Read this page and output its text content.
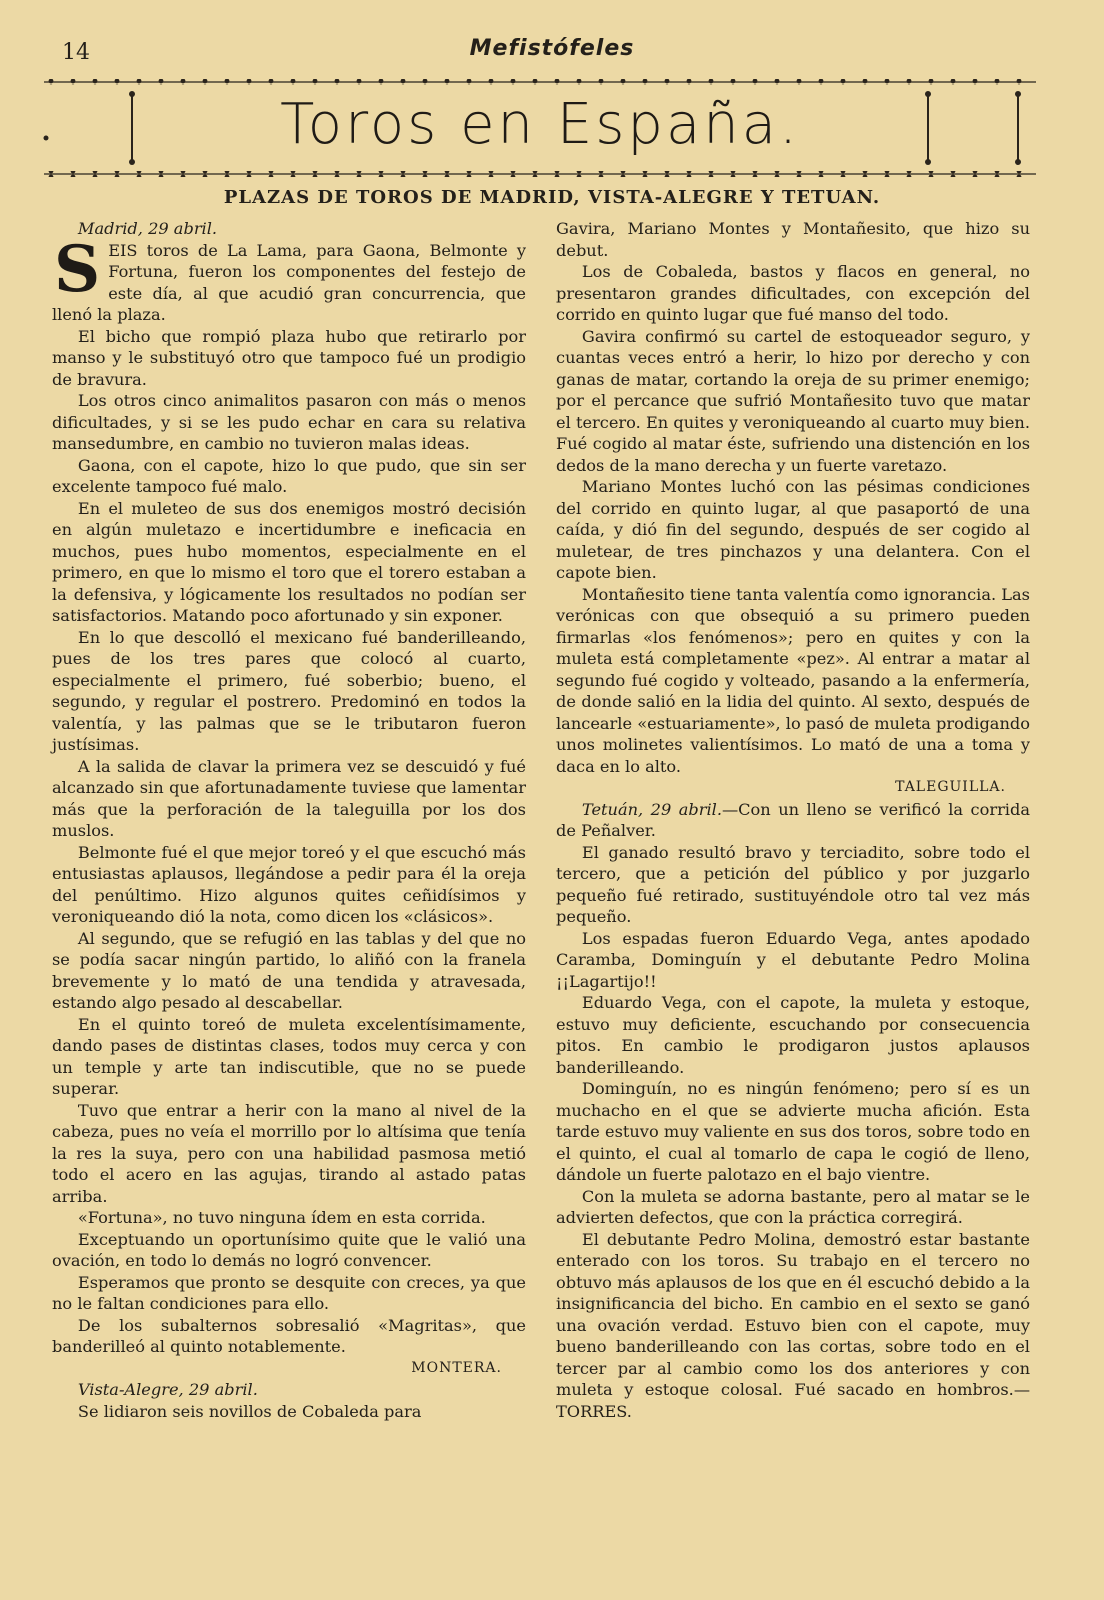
14	Mefistófeles
Toros en España.
PLAZAS DE TOROS DE MADRID, VISTA-ALEGRE Y TETUAN.

Madrid, 29 abril.

SEIS toros de La Lama, para Gaona, Belmonte y Fortuna, fueron los componentes del festejo de este día, al que acudió gran concurrencia, que llenó la plaza.

El bicho que rompió plaza hubo que retirarlo por manso y le substituyó otro que tampoco fué un prodigio de bravura.

Los otros cinco animalitos pasaron con más o menos dificultades, y si se les pudo echar en cara su relativa mansedumbre, en cambio no tuvieron malas ideas.

Gaona, con el capote, hizo lo que pudo, que sin ser excelente tampoco fué malo.

En el muleteo de sus dos enemigos mostró decisión en algún muletazo e incertidumbre e ineficacia en muchos, pues hubo momentos, especialmente en el primero, en que lo mismo el toro que el torero estaban a la defensiva, y lógicamente los resultados no podían ser satisfactorios. Matando poco afortunado y sin exponer.

En lo que descolló el mexicano fué banderilleando, pues de los tres pares que colocó al cuarto, especialmente el primero, fué soberbio; bueno, el segundo, y regular el postrero. Predominó en todos la valentía, y las palmas que se le tributaron fueron justísimas.

A la salida de clavar la primera vez se descuidó y fué alcanzado sin que afortunadamente tuviese que lamentar más que la perforación de la taleguilla por los dos muslos.

Belmonte fué el que mejor toreó y el que escuchó más entusiastas aplausos, llegándose a pedir para él la oreja del penúltimo. Hizo algunos quites ceñidísimos y veroniqueando dió la nota, como dicen los «clásicos».

Al segundo, que se refugió en las tablas y del que no se podía sacar ningún partido, lo aliñó con la franela brevemente y lo mató de una tendida y atravesada, estando algo pesado al descabellar.

En el quinto toreó de muleta excelentísimamente, dando pases de distintas clases, todos muy cerca y con un temple y arte tan indiscutible, que no se puede superar.

Tuvo que entrar a herir con la mano al nivel de la cabeza, pues no veía el morrillo por lo altísima que tenía la res la suya, pero con una habilidad pasmosa metió todo el acero en las agujas, tirando al astado patas arriba.

«Fortuna», no tuvo ninguna ídem en esta corrida.

Exceptuando un oportunísimo quite que le valió una ovación, en todo lo demás no logró convencer.

Esperamos que pronto se desquite con creces, ya que no le faltan condiciones para ello.

De los subalternos sobresalió «Magritas», que banderilleó al quinto notablemente.

MONTERA.

Vista-Alegre, 29 abril.

Se lidiaron seis novillos de Cobaleda para

Gavira, Mariano Montes y Montañesito, que hizo su debut.

Los de Cobaleda, bastos y flacos en general, no presentaron grandes dificultades, con excepción del corrido en quinto lugar que fué manso del todo.

Gavira confirmó su cartel de estoqueador seguro, y cuantas veces entró a herir, lo hizo por derecho y con ganas de matar, cortando la oreja de su primer enemigo; por el percance que sufrió Montañesito tuvo que matar el tercero. En quites y veroniqueando al cuarto muy bien. Fué cogido al matar éste, sufriendo una distención en los dedos de la mano derecha y un fuerte varetazo.

Mariano Montes luchó con las pésimas condiciones del corrido en quinto lugar, al que pasaportó de una caída, y dió fin del segundo, después de ser cogido al muletear, de tres pinchazos y una delantera. Con el capote bien.

Montañesito tiene tanta valentía como ignorancia. Las verónicas con que obsequió a su primero pueden firmarlas «los fenómenos»; pero en quites y con la muleta está completamente «pez». Al entrar a matar al segundo fué cogido y volteado, pasando a la enfermería, de donde salió en la lidia del quinto. Al sexto, después de lancearle «estuariamente», lo pasó de muleta prodigando unos molinetes valientísimos. Lo mató de una a toma y daca en lo alto.

TALEGUILLA.

Tetuán, 29 abril.—Con un lleno se verificó la corrida de Peñalver.

El ganado resultó bravo y terciadito, sobre todo el tercero, que a petición del público y por juzgarlo pequeño fué retirado, sustituyéndole otro tal vez más pequeño.

Los espadas fueron Eduardo Vega, antes apodado Caramba, Dominguín y el debutante Pedro Molina ¡¡Lagartijo!!

Eduardo Vega, con el capote, la muleta y estoque, estuvo muy deficiente, escuchando por consecuencia pitos. En cambio le prodigaron justos aplausos banderilleando.

Dominguín, no es ningún fenómeno; pero sí es un muchacho en el que se advierte mucha afición. Esta tarde estuvo muy valiente en sus dos toros, sobre todo en el quinto, el cual al tomarlo de capa le cogió de lleno, dándole un fuerte palotazo en el bajo vientre.

Con la muleta se adorna bastante, pero al matar se le advierten defectos, que con la práctica corregirá.

El debutante Pedro Molina, demostró estar bastante enterado con los toros. Su trabajo en el tercero no obtuvo más aplausos de los que en él escuchó debido a la insignificancia del bicho. En cambio en el sexto se ganó una ovación verdad. Estuvo bien con el capote, muy bueno banderilleando con las cortas, sobre todo en el tercer par al cambio como los dos anteriores y con muleta y estoque colosal. Fué sacado en hombros.—TORRES.
